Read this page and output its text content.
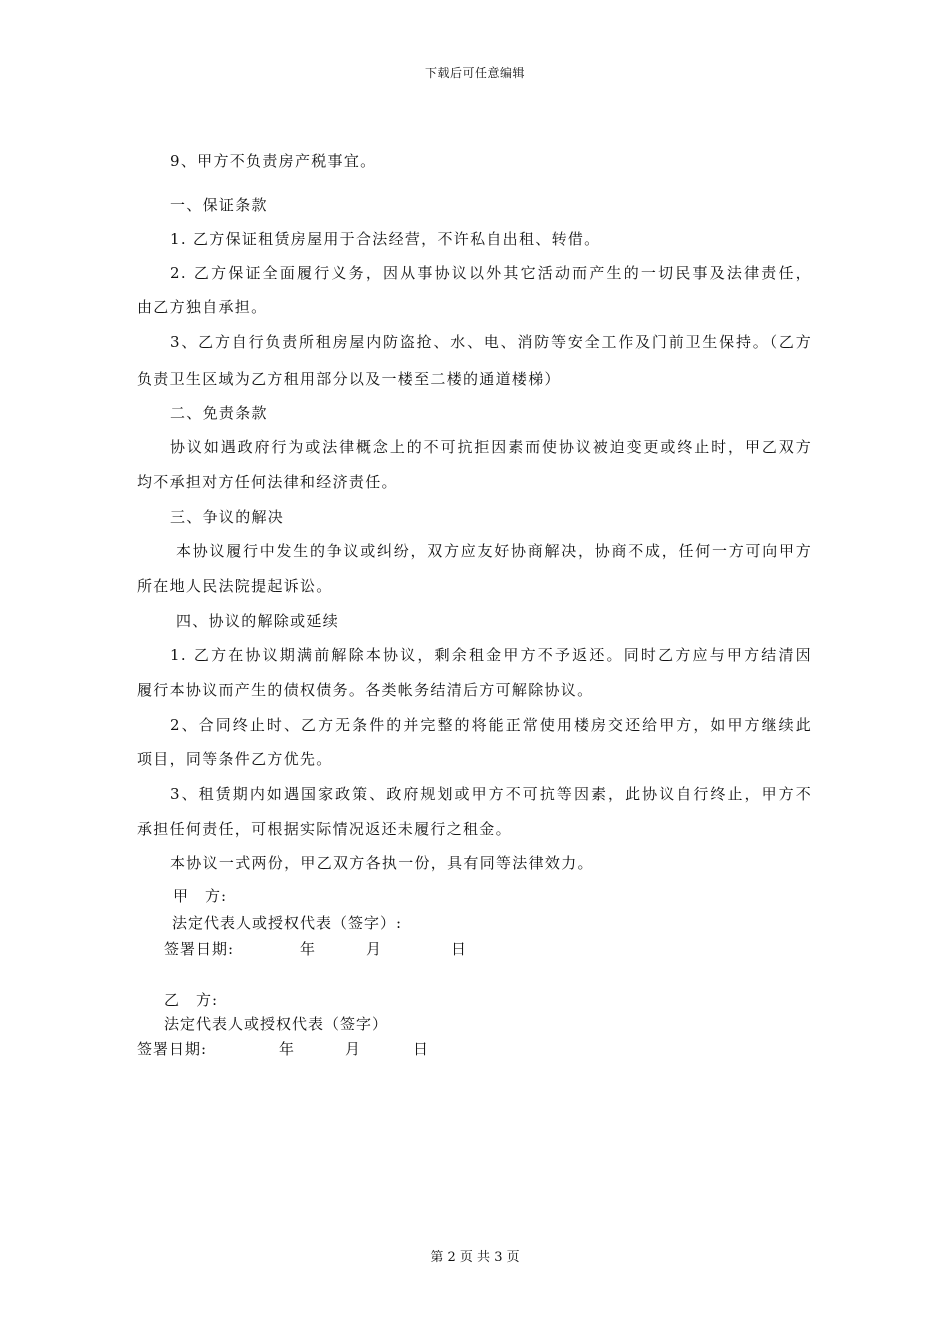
下载后可任意编辑
9、甲方不负责房产税事宜。
一、保证条款
1. 乙方保证租赁房屋用于合法经营，不许私自出租、转借。
2. 乙方保证全面履行义务，因从事协议以外其它活动而产生的一切民事及法律责任，
由乙方独自承担。
3、乙方自行负责所租房屋内防盗抢、水、电、消防等安全工作及门前卫生保持。（乙方
负责卫生区域为乙方租用部分以及一楼至二楼的通道楼梯）
二、免责条款
协议如遇政府行为或法律概念上的不可抗拒因素而使协议被迫变更或终止时，甲乙双方
均不承担对方任何法律和经济责任。
三、争议的解决
本协议履行中发生的争议或纠纷，双方应友好协商解决，协商不成，任何一方可向甲方
所在地人民法院提起诉讼。
四、协议的解除或延续
1. 乙方在协议期满前解除本协议，剩余租金甲方不予返还。同时乙方应与甲方结清因
履行本协议而产生的债权债务。各类帐务结清后方可解除协议。
2、合同终止时、乙方无条件的并完整的将能正常使用楼房交还给甲方，如甲方继续此
项目，同等条件乙方优先。
3、租赁期内如遇国家政策、政府规划或甲方不可抗等因素，此协议自行终止，甲方不
承担任何责任，可根据实际情况返还未履行之租金。
本协议一式两份，甲乙双方各执一份，具有同等法律效力。
甲　方:
法定代表人或授权代表（签字）:
签署日期:	年	月	日
乙　方:
法定代表人或授权代表（签字）
签署日期:	年	月	日
第 2 页 共 3 页
